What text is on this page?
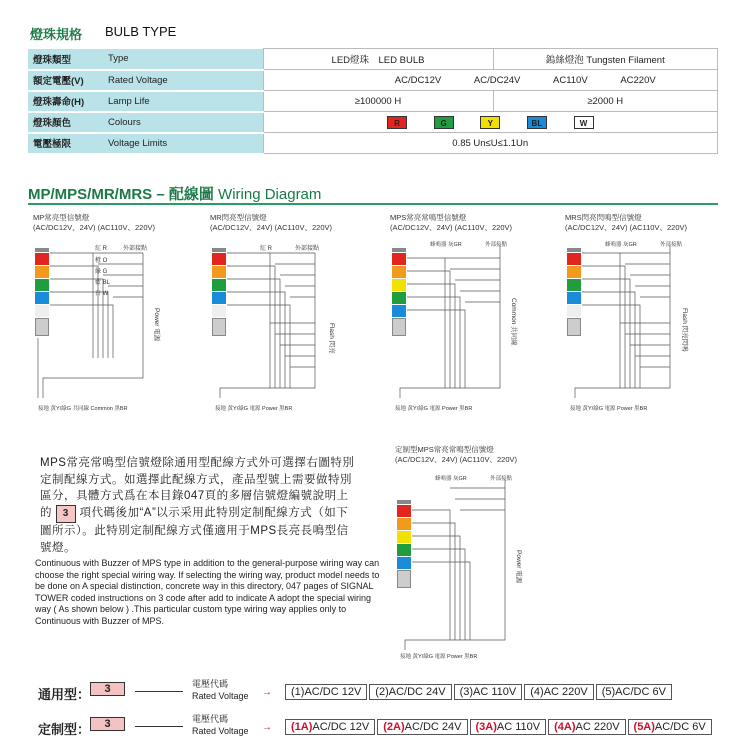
燈珠規格 BULB TYPE
燈珠類型	Type	LED燈珠　LED BULB	鎢絲燈泡 Tungsten Filament
額定電壓(V)	Rated Voltage	AC/DC12V AC/DC24V AC110V AC220V	
燈珠壽命(H)	Lamp Life	≥100000 H	≥2000 H
燈珠顏色	Colours	R G Y BL W	
電壓極限	Voltage Limits	0.85 Un≤U≤1.1Un	
MP/MPS/MR/MRS – 配線圖 Wiring Diagram
MP常亮型信號燈
(AC/DC12V、24V) (AC110V、220V)
紅 R
橙 O
綠 G
藍 BL
白 W
外部接點
Power 電源
接地 黃Y/綠G 共同線 Common 黑BR
MR閃亮型信號燈
(AC/DC12V、24V) (AC110V、220V)
紅 R	外部接點
Flash 閃亮
接地 黃Y/綠G 電源 Power 黑BR
MPS常亮常鳴型信號燈
(AC/DC12V、24V) (AC110V、220V)
蜂鳴器 灰GR	外部接點
Common 共同線
接地 黃Y/綠G 電源 Power 黑BR
MRS閃亮閃鳴型信號燈
(AC/DC12V、24V) (AC110V、220V)
蜂鳴器 灰GR	外部接點
Flash 閃亮閃鳴
接地 黃Y/綠G 電源 Power 黑BR
MPS常亮常鳴型信號燈除通用型配線方式外可選擇右圖特別定制配線方式。如選擇此配線方式，產品型號上需要做特別區分，具體方式爲在本目錄047頁的多層信號燈編號說明上的 3 項代碼後加“A”以示采用此特別定制配線方式（如下圖所示）。此特別定制配線方式僅適用于MPS長亮長鳴型信號燈。
Continuous with Buzzer of MPS type in addition to the general-purpose wiring way can choose the right special wiring way. If selecting the wiring way, product model needs to be done on A special distinction, concrete way in this directory, 047 pages of SIGNAL TOWER coded instructions on 3 code after add to indicate A adopt the special wiring way ( As shown below ) .This particular custom type wiring way applies only to Continuous with Buzzer of MPS.
定制型MPS常亮常鳴型信號燈
(AC/DC12V、24V) (AC110V、220V)
蜂鳴器 灰GR	外部接點
Power 電源
接地 黃Y/綠G 電源 Power 黑BR
通用型：	3	電壓代碼
Rated Voltage →	(1)AC/DC 12V (2)AC/DC 24V (3)AC 110V (4)AC 220V (5)AC/DC 6V
定制型：	3	電壓代碼
Rated Voltage →	(1A)AC/DC 12V (2A)AC/DC 24V (3A)AC 110V (4A)AC 220V (5A)AC/DC 6V
